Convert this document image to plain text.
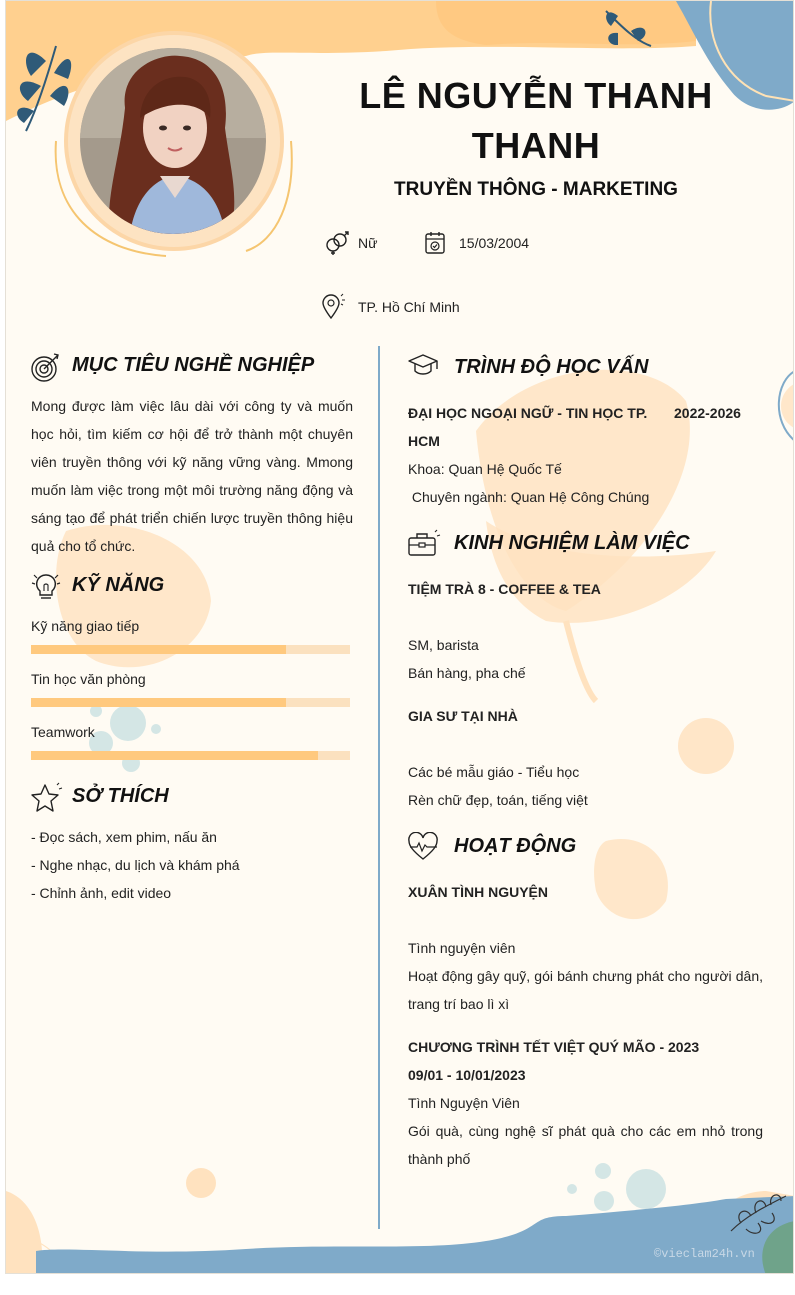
LÊ NGUYỄN THANH THANH
TRUYỀN THÔNG - MARKETING
Nữ	15/03/2004
TP. Hồ Chí Minh
MỤC TIÊU NGHỀ NGHIỆP
Mong được làm việc lâu dài với công ty và muốn học hỏi, tìm kiếm cơ hội để trở thành một chuyên viên truyền thông với kỹ năng vững vàng. Mmong muốn làm việc trong một môi trường năng động và sáng tạo để phát triển chiến lược truyền thông hiệu quả cho tổ chức.
KỸ NĂNG
Kỹ năng giao tiếp
Tin học văn phòng
Teamwork
SỞ THÍCH
- Đọc sách, xem phim, nấu ăn
- Nghe nhạc, du lịch và khám phá
- Chỉnh ảnh, edit video
TRÌNH ĐỘ HỌC VẤN
ĐẠI HỌC NGOẠI NGỮ - TIN HỌC TP. 2022-2026
HCM
Khoa: Quan Hệ Quốc Tế
Chuyên ngành: Quan Hệ Công Chúng
KINH NGHIỆM LÀM VIỆC
TIỆM TRÀ 8 - COFFEE & TEA
SM, barista
Bán hàng, pha chế
GIA SƯ TẠI NHÀ
Các bé mẫu giáo - Tiểu học
Rèn chữ đẹp, toán, tiếng việt
HOẠT ĐỘNG
XUÂN TÌNH NGUYỆN
Tình nguyện viên
Hoạt động gây quỹ, gói bánh chưng phát cho người dân,
trang trí bao lì xì
CHƯƠNG TRÌNH TẾT VIỆT QUÝ MÃO - 2023
09/01 - 10/01/2023
Tình Nguyện Viên
Gói quà, cùng nghệ sĩ phát quà cho các em nhỏ trong
thành phố
©vieclam24h.vn
